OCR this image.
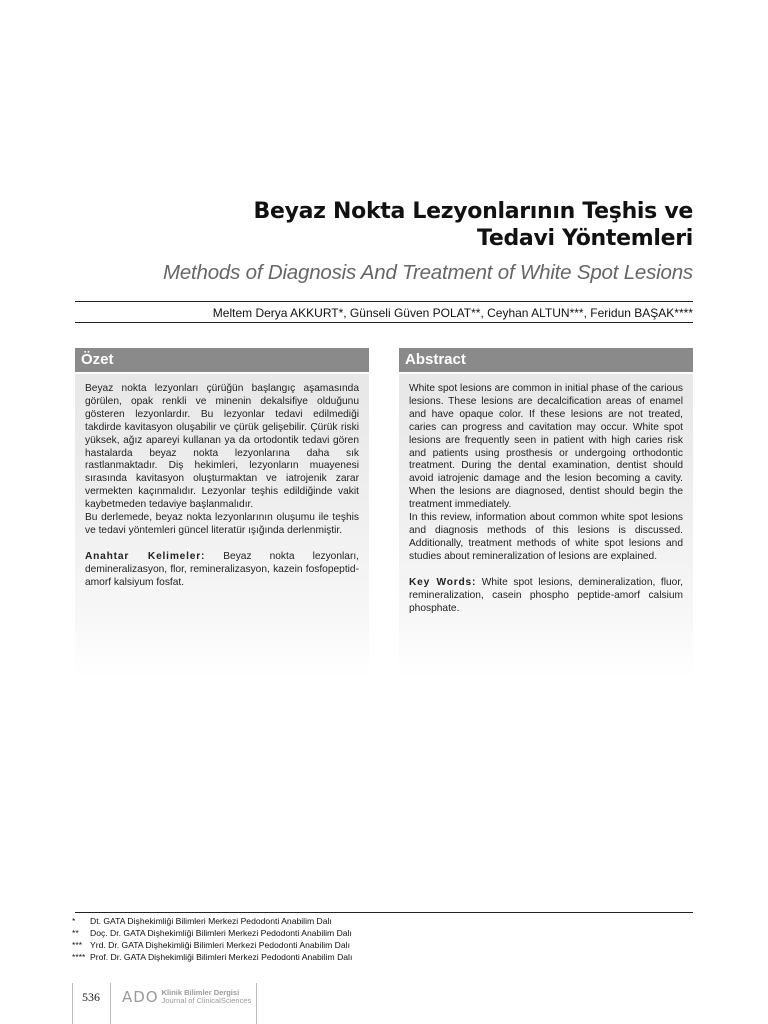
Beyaz Nokta Lezyonlarının Teşhis ve
Tedavi Yöntemleri
Methods of Diagnosis And Treatment of White Spot Lesions
Meltem Derya AKKURT*, Günseli Güven POLAT**, Ceyhan ALTUN***, Feridun BAŞAK****
Özet

Beyaz nokta lezyonları çürüğün başlangıç aşamasında görülen, opak renkli ve minenin dekalsifiye olduğunu gösteren lezyonlardır. Bu lezyonlar tedavi edilmediği takdirde kavitasyon oluşabilir ve çürük gelişebilir. Çürük riski yüksek, ağız apareyi kullanan ya da ortodontik tedavi gören hastalarda beyaz nokta lezyonlarına daha sık rastlanmaktadır. Diş hekimleri, lezyonların muayenesi sırasında kavitasyon oluşturmaktan ve iatrojenik zarar vermekten kaçınmalıdır. Lezyonlar teşhis edildiğinde vakit kaybetmeden tedaviye başlanmalıdır.

Bu derlemede, beyaz nokta lezyonlarının oluşumu ile teşhis ve tedavi yöntemleri güncel literatür ışığında derlenmiştir.

Anahtar Kelimeler: Beyaz nokta lezyonları, demineralizasyon, flor, remineralizasyon, kazein fosfopeptid-amorf kalsiyum fosfat.

Abstract

White spot lesions are common in initial phase of the carious lesions. These lesions are decalcification areas of enamel and have opaque color. If these lesions are not treated, caries can progress and cavitation may occur. White spot lesions are frequently seen in patient with high caries risk and patients using prosthesis or undergoing orthodontic treatment. During the dental examination, dentist should avoid iatrojenic damage and the lesion becoming a cavity. When the lesions are diagnosed, dentist should begin the treatment immediately.

In this review, information about common white spot lesions and diagnosis methods of this lesions is discussed. Additionally, treatment methods of white spot lesions and studies about remineralization of lesions are explained.

Key Words: White spot lesions, demineralization, fluor, remineralization, casein phospho peptide-amorf calsium phosphate.

*	Dt. GATA Dişhekimliği Bilimleri Merkezi Pedodonti Anabilim Dalı
**	Doç. Dr. GATA Dişhekimliği Bilimleri Merkezi Pedodonti Anabilim Dalı
*** Yrd. Dr. GATA Dişhekimliği Bilimleri Merkezi Pedodonti Anabilim Dalı
**** Prof. Dr. GATA Dişhekimliği Bilimleri Merkezi Pedodonti Anabilim Dalı
536 ADO Klinik Bilimler Dergisi
Journal of ClinicalSciences
